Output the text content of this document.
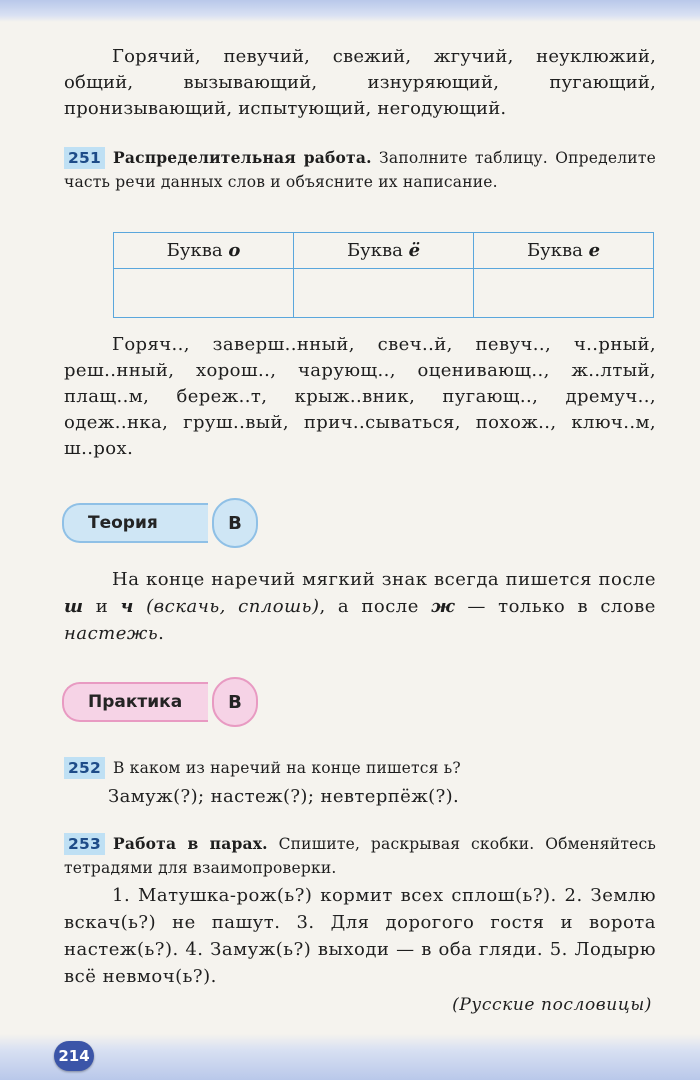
Горячий, певучий, свежий, жгучий, неуклюжий, общий, вызывающий, изнуряющий, пугающий, пронизывающий, испытующий, негодующий.

251 Распределительная работа. Заполните таблицу. Определите часть речи данных слов и объясните их написание.

Буква о	Буква ё	Буква е

Горяч.., заверш..нный, свеч..й, певуч.., ч..рный, реш..нный, хорош.., чарующ.., оценивающ.., ж..лтый, плащ..м, береж..т, крыж..вник, пугающ.., дремуч.., одеж..нка, груш..вый, прич..сываться, похож.., ключ..м, ш..рох.

Теория	В

На конце наречий мягкий знак всегда пишется после ш и ч (вскачь, сплошь), а после ж — только в слове настежь.

Практика	В

252 В каком из наречий на конце пишется ь?

Замуж(?); настеж(?); невтерпёж(?).

253 Работа в парах. Спишите, раскрывая скобки. Обменяйтесь тетрадями для взаимопроверки.

1. Матушка-рож(ь?) кормит всех сплош(ь?). 2. Землю вскач(ь?) не пашут. 3. Для дорогого гостя и ворота настеж(ь?). 4. Замуж(ь?) выходи — в оба гляди. 5. Лодырю всё невмоч(ь?).

(Русские пословицы)

214
